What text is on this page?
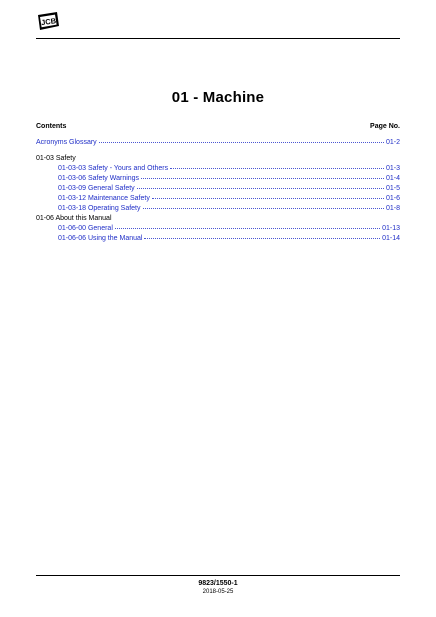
JCB
01 - Machine
Contents	Page No.
Acronyms Glossary	01-2
01-03 Safety
01-03-03 Safety - Yours and Others	01-3
01-03-06 Safety Warnings	01-4
01-03-09 General Safety	01-5
01-03-12 Maintenance Safety	01-6
01-03-18 Operating Safety	01-8
01-06 About this Manual
01-06-00 General	01-13
01-06-06 Using the Manual	01-14
9823/1550-1
2018-05-25
